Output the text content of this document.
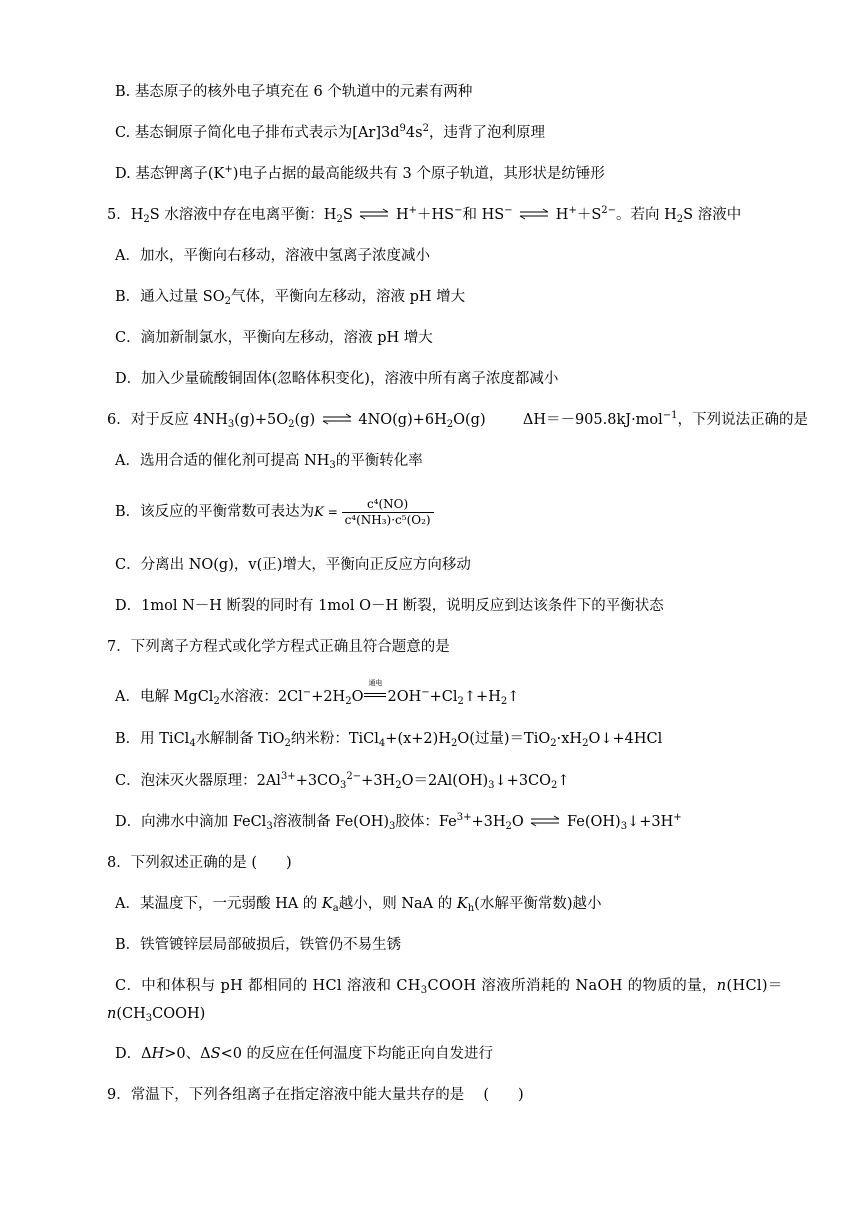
B. 基态原子的核外电子填充在 6 个轨道中的元素有两种
C. 基态铜原子简化电子排布式表示为$[Ar]3d^94s^2$，违背了泡利原理
D. 基态钾离子(K+)电子占据的最高能级共有 3 个原子轨道，其形状是纺锤形
5．$H_2S$ 水溶液中存在电离平衡：$H_2S$ ⇌ H+＋HS−和 HS− ⇌ $H^++S^{2-}$。若向 $H_2S$ 溶液中
A．加水，平衡向右移动，溶液中氢离子浓度减小
B．通入过量 $SO_2$气体，平衡向左移动，溶液 pH 增大
C．滴加新制氯水，平衡向左移动，溶液 pH 增大
D．加入少量硫酸铜固体(忽略体积变化)，溶液中所有离子浓度都减小
6．对于反应 $4NH_3(g)+5O_2(g)$ ⇌ $4NO(g)+6H_2O(g)$	ΔH＝－905.8kJ·mol$^{-1}$，下列说法正确的是
A．选用合适的催化剂可提高 $NH_3$的平衡转化率
B．该反应的平衡常数可表达为$K = \frac{\text{c⁴(NO)}}{\text{c⁴(NH₃)·c⁵(O₂)}}$
C．分离出 NO(g)，v(正)增大，平衡向正反应方向移动
D．1mol N－H 断裂的同时有 1mol O－H 断裂，说明反应到达该条件下的平衡状态
7．下列离子方程式或化学方程式正确且符合题意的是
A．电解 MgCl$_2$水溶液：$2Cl^-+2H_2O$
通电
$2OH^-+Cl_2↑+H_2↑$
B．用 TiCl$_4$水解制备 TiO$_2$纳米粉：$TiCl_4+(x+2)H_2O$(过量)$=TiO_2\cdot xH_2O↓+4HCl$
C．泡沫灭火器原理：$2Al^{3+}+3CO_3^{2-}+3H_2O=2Al(OH)_3↓+3CO_2↑$
D．向沸水中滴加 FeCl$_3$溶液制备 $Fe(OH)_3$胶体：$Fe^{3+}+3H_2O$ ⇌ $Fe(OH)_3↓+3H^+$
8．下列叙述正确的是 (　　)
A．某温度下，一元弱酸 HA 的 $K_a$越小，则 NaA 的 $K_h$(水解平衡常数)越小
B．铁管镀锌层局部破损后，铁管仍不易生锈
C．中和体积与 pH 都相同的 HCl 溶液和 $CH_3COOH$ 溶液所消耗的 NaOH 的物质的量，n(HCl)＝
$n(CH_3COOH)$
D．ΔH>0、ΔS<0 的反应在任何温度下均能正向自发进行
9．常温下，下列各组离子在指定溶液中能大量共存的是　 (　　)
